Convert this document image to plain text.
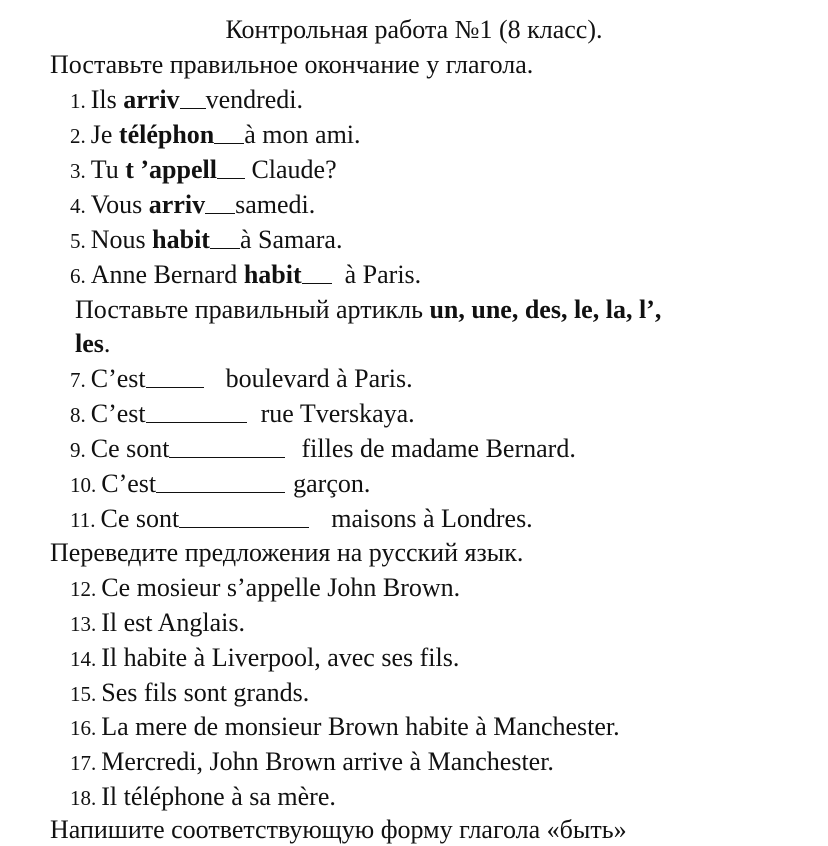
Контрольная работа №1 (8 класс).
Поставьте правильное окончание у глагола.
1. Ils arriv vendredi.
2. Je téléphon à mon ami.
3. Tu t ’appell Claude?
4. Vous arriv samedi.
5. Nous habit à Samara.
6. Anne Bernard habit  à Paris.
Поставьте правильный артикль un, une, des, le, la, l’,
les.
7. C’est	boulevard à Paris.
8. C’est	rue Tverskaya.
9. Ce sont	filles de madame Bernard.
10. C’est	garçon.
11. Ce sont	maisons à Londres.
Переведите предложения на русский язык.
12. Ce mosieur s’appelle John Brown.
13. Il est Anglais.
14. Il habite à Liverpool, avec ses fils.
15. Ses fils sont grands.
16. La mere de monsieur Brown habite à Manchester.
17. Mercredi, John Brown arrive à Manchester.
18. Il téléphone à sa mère.
Напишите соответствующую форму глагола «быть»
